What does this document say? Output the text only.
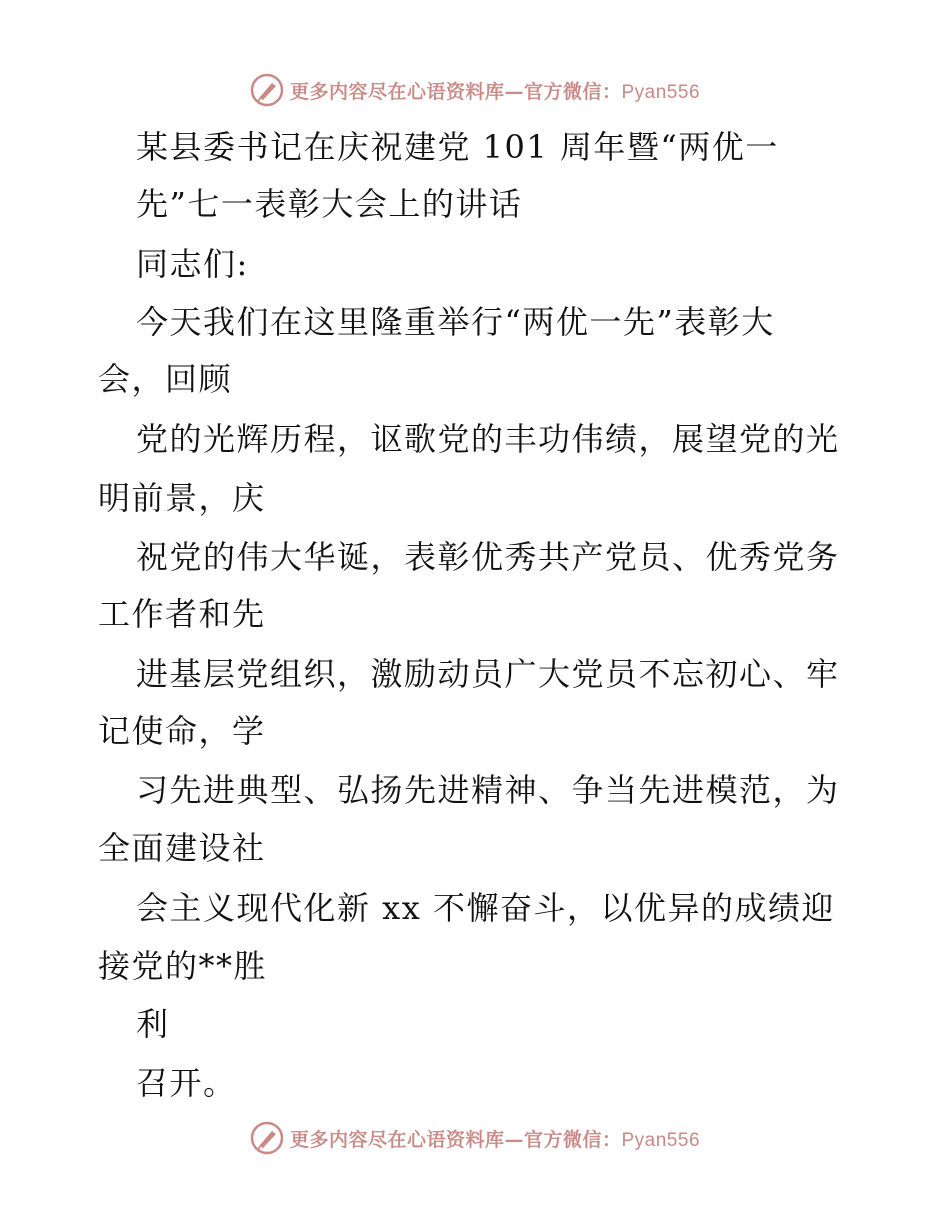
更多内容尽在心语资料库—官方微信：Pyan556
某县委书记在庆祝建党 101 周年暨“两优一
先”七一表彰大会上的讲话
同志们:
今天我们在这里隆重举行“两优一先”表彰大
会，回顾
党的光辉历程，讴歌党的丰功伟绩，展望党的光
明前景，庆
祝党的伟大华诞，表彰优秀共产党员、优秀党务
工作者和先
进基层党组织，激励动员广大党员不忘初心、牢
记使命，学
习先进典型、弘扬先进精神、争当先进模范，为
全面建设社
会主义现代化新 xx 不懈奋斗，以优异的成绩迎
接党的**胜
利
召开。
更多内容尽在心语资料库—官方微信：Pyan556
